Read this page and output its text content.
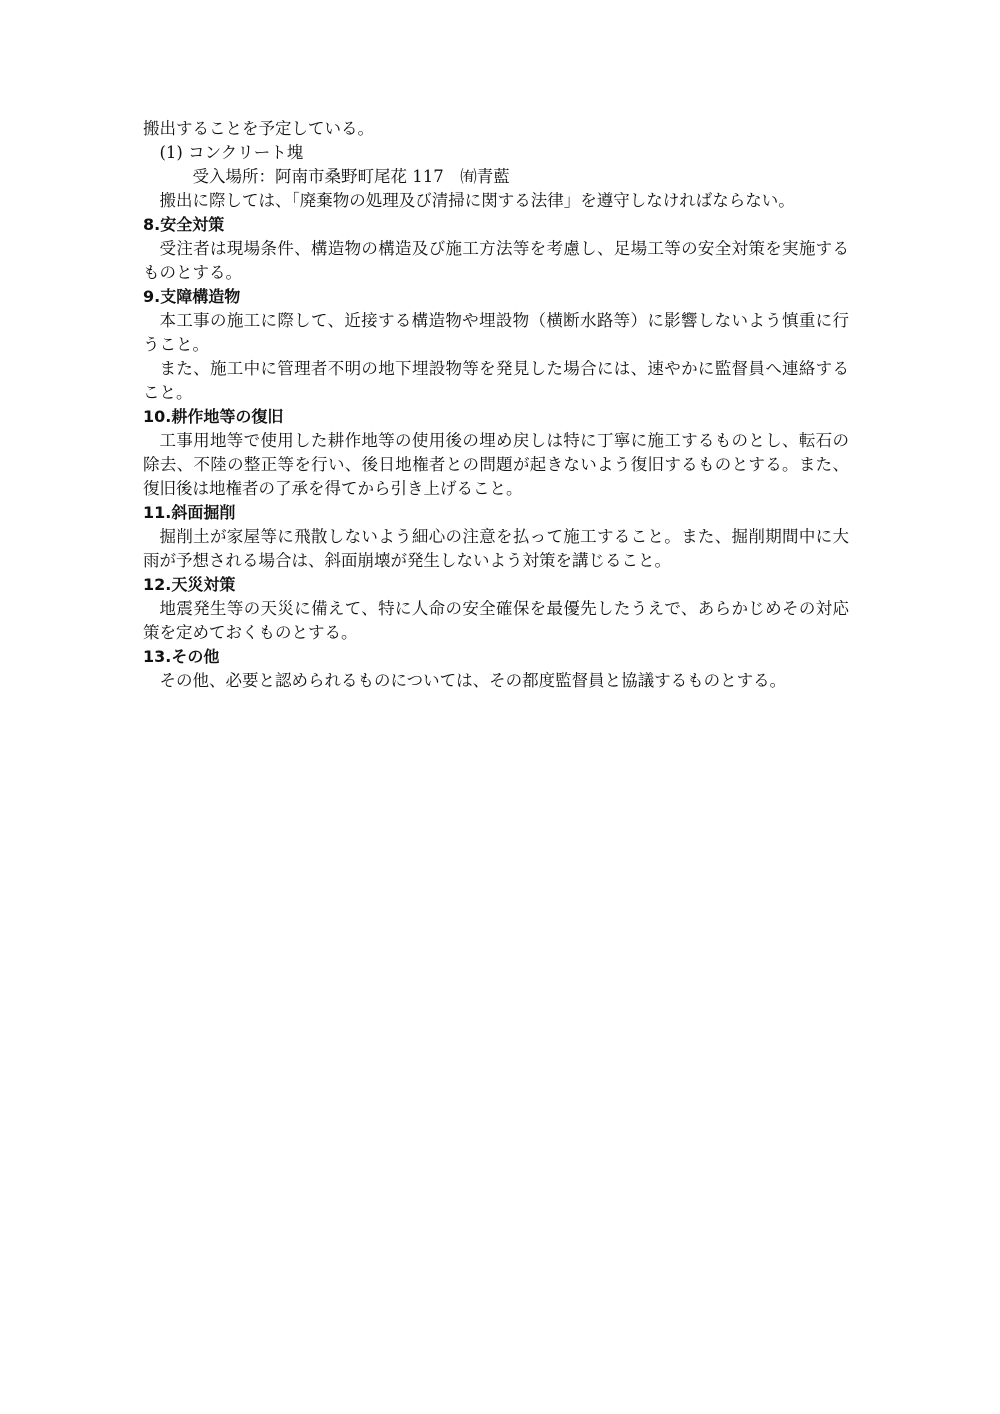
搬出することを予定している。
(1) コンクリート塊
受入場所：阿南市桑野町尾花 117　㈲青藍
搬出に際しては、「廃棄物の処理及び清掃に関する法律」を遵守しなければならない。
8.安全対策
受注者は現場条件、構造物の構造及び施工方法等を考慮し、足場工等の安全対策を実施するものとする。
9.支障構造物
本工事の施工に際して、近接する構造物や埋設物（横断水路等）に影響しないよう慎重に行うこと。
また、施工中に管理者不明の地下埋設物等を発見した場合には、速やかに監督員へ連絡すること。
10.耕作地等の復旧
工事用地等で使用した耕作地等の使用後の埋め戻しは特に丁寧に施工するものとし、転石の除去、不陸の整正等を行い、後日地権者との問題が起きないよう復旧するものとする。また、復旧後は地権者の了承を得てから引き上げること。
11.斜面掘削
掘削土が家屋等に飛散しないよう細心の注意を払って施工すること。また、掘削期間中に大雨が予想される場合は、斜面崩壊が発生しないよう対策を講じること。
12.天災対策
地震発生等の天災に備えて、特に人命の安全確保を最優先したうえで、あらかじめその対応策を定めておくものとする。
13.その他
その他、必要と認められるものについては、その都度監督員と協議するものとする。
